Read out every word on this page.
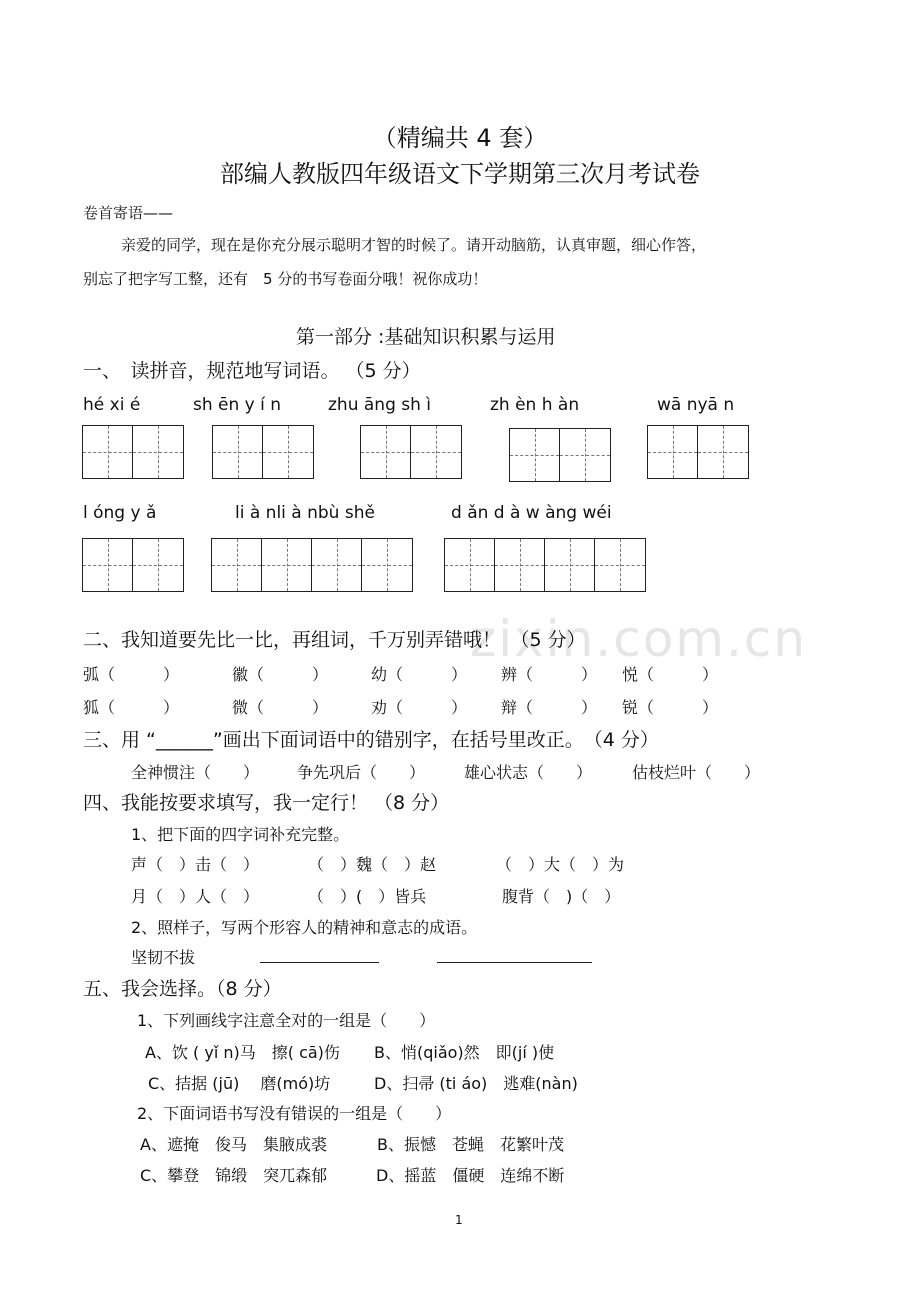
zixin.com.cn
（精编共 4 套）
部编人教版四年级语文下学期第三次月考试卷
卷首寄语——
亲爱的同学，现在是你充分展示聪明才智的时候了。请开动脑筋，认真审题，细心作答，
别忘了把字写工整，还有　5 分的书写卷面分哦！祝你成功！
第一部分 :基础知识积累与运用
一、　读拼音，规范地写词语。 （5 分）
hé xi é	sh ēn y í n	zhu āng sh ì	zh èn h àn	wā nyā n
l óng y ǎ	li à nli à nbù shě	d ǎn d à w àng wéi
二、我知道要先比一比，再组词，千万别弄错哦！　（5 分）
弧（　　　）	徽（　　　）	幼（　　　） 辨（　　　） 悦（　　　）
狐（　　　）	微（　　　）	劝（　　　） 辩（　　　） 锐（　　　）
三、用 “______”画出下面词语中的错别字，在括号里改正。　（4 分）
全神惯注（　　） 争先巩后（　　） 雄心状志（　　） 估枝烂叶（　　）
四、我能按要求填写，我一定行！ （8 分）
1、把下面的四字词补充完整。
声（　）击（　）	（　）魏（　）赵	（　）大（　）为
月（　）人（　）	（　）(　）皆兵	腹背（　)（　）
2、照样子，写两个形容人的精神和意志的成语。
坚韧不拔
五、我会选择。（8 分）
1、下列画线字注意全对的一组是（　　）
A、饮 ( yǐ n)马　擦( cā)伤 B、悄(qiǎo)然　即(jí )使
C、拮据 (jū)　 磨(mó)坊	D、扫帚 (ti áo)　逃难(nàn)
2、下面词语书写没有错误的一组是（　　）
A、遮掩　俊马　集腋成裘	B、振憾　苍蝇　花繁叶茂
C、攀登　锦缎　突兀森郁	D、摇蓝　僵硬　连绵不断
1
